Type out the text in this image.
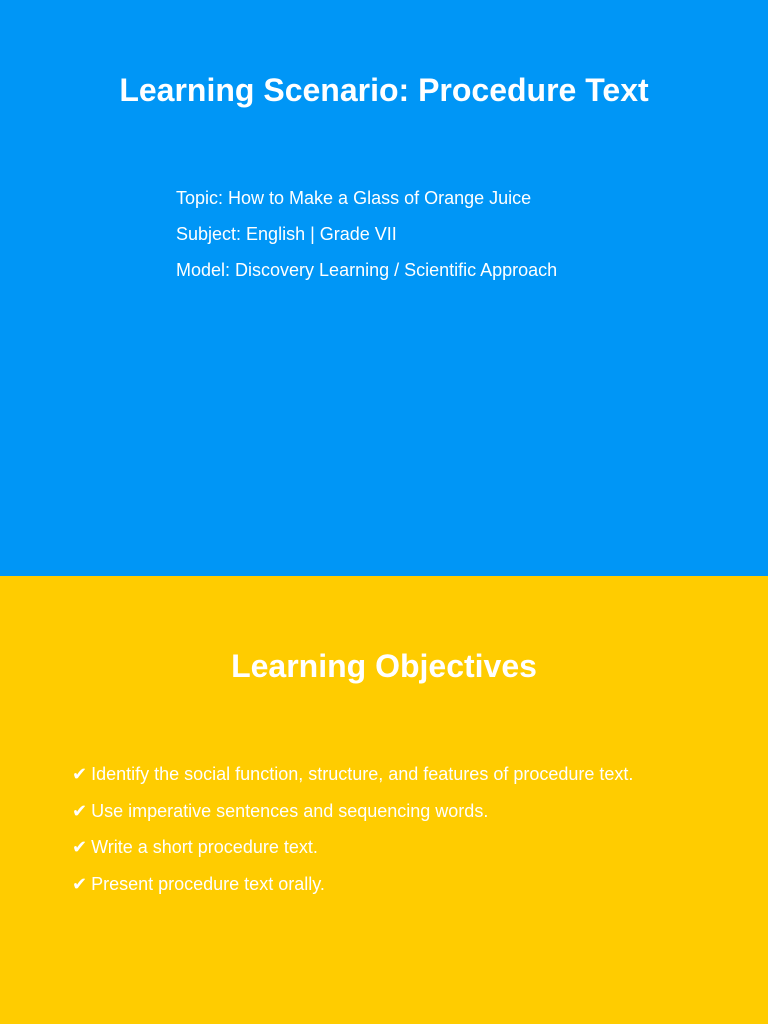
Learning Scenario: Procedure Text
Topic: How to Make a Glass of Orange Juice
Subject: English | Grade VII
Model: Discovery Learning / Scientific Approach
Learning Objectives
✔ Identify the social function, structure, and features of procedure text.
✔ Use imperative sentences and sequencing words.
✔ Write a short procedure text.
✔ Present procedure text orally.
